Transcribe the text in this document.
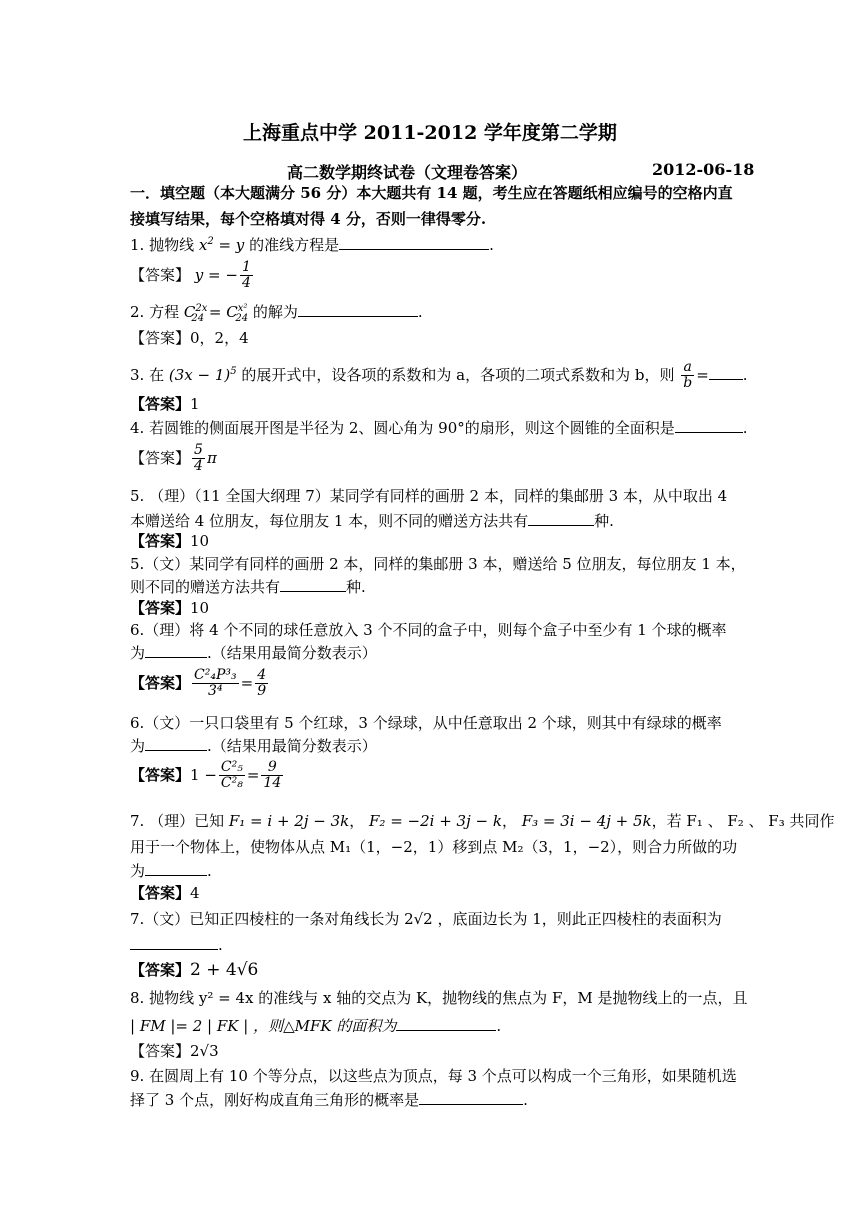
上海重点中学 2011-2012 学年度第二学期
高二数学期终试卷（文理卷答案）	2012-06-18
一．填空题（本大题满分 56 分）本大题共有 14 题，考生应在答题纸相应编号的空格内直
接填写结果，每个空格填对得 4 分，否则一律得零分.
1. 抛物线 $x^2 = y$ 的准线方程是	.
【答案】 y = − $\frac{1}{4}$
2. 方程 $C^{2x}_{24} = C^{x^2}_{24}$ 的解为	.
【答案】0，2，4
3. 在 $(3x - 1)^5$ 的展开式中，设各项的系数和为 a，各项的二项式系数和为 b，则 $\frac{a}{b}$ = .
【答案】1
4. 若圆锥的侧面展开图是半径为 2、圆心角为 90°的扇形，则这个圆锥的全面积是	.
【答案】 $\frac{5}{4}$ π
5. （理）（11 全国大纲理 7）某同学有同样的画册 2 本，同样的集邮册 3 本，从中取出 4
本赠送给 4 位朋友，每位朋友 1 本，则不同的赠送方法共有	种.
【答案】10
5.（文）某同学有同样的画册 2 本，同样的集邮册 3 本，赠送给 5 位朋友，每位朋友 1 本，
则不同的赠送方法共有	种.
【答案】10
6.（理）将 4 个不同的球任意放入 3 个不同的盒子中，则每个盒子中至少有 1 个球的概率
为	.（结果用最简分数表示）
【答案】 $\frac{\text{C²₄P³₃}}{\text{3⁴}} = \frac{4}{9}$
6.（文）一只口袋里有 5 个红球，3 个绿球，从中任意取出 2 个球，则其中有绿球的概率
为	.（结果用最简分数表示）
【答案】$1 - \frac{\text{C²₅}}{\text{C²₈}} = \frac{9}{14}$
7. （理）已知 F₁ = i + 2j − 3k， F₂ = −2i + 3j − k， F₃ = 3i − 4j + 5k，若 F₁ 、 F₂ 、 F₃ 共同作
用于一个物体上，使物体从点 M₁（1，−2，1）移到点 M₂（3，1，−2），则合力所做的功
为	.
【答案】4
7.（文）已知正四棱柱的一条对角线长为 2√2 ，底面边长为 1，则此正四棱柱的表面积为
.
【答案】2 + 4√6
8. 抛物线 y² = 4x 的准线与 x 轴的交点为 K，抛物线的焦点为 F，M 是抛物线上的一点，且
| FM |= 2 | FK | ，则△MFK 的面积为	.
【答案】2√3
9. 在圆周上有 10 个等分点，以这些点为顶点，每 3 个点可以构成一个三角形，如果随机选
择了 3 个点，刚好构成直角三角形的概率是	.
